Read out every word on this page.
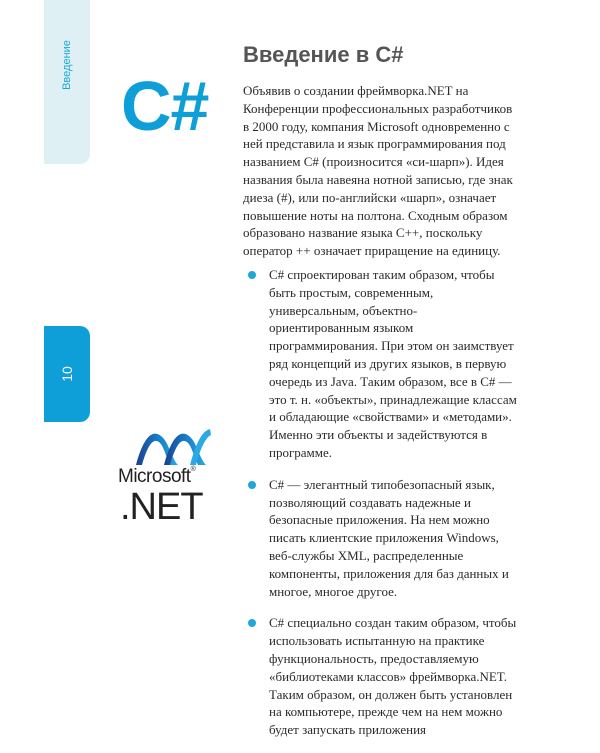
Введение
10
C#
Microsoft®
.NET
Введение в С#

Объявив о создании фреймворка.NET на Конференции профессиональных разработчиков в 2000 году, компания Microsoft одновременно с ней представила и язык программирования под названием С# (произносится «си-шарп»). Идея названия была навеяна нотной записью, где знак диеза (#), или по-английски «шарп», означает повышение ноты на полтона. Сходным образом образовано название языка С++, поскольку оператор ++ означает приращение на единицу.

С# спроектирован таким образом, чтобы быть простым, современным, универсальным, объектно-ориентированным языком программирования. При этом он заимствует ряд концепций из других языков, в первую очередь из Java. Таким образом, все в С# — это т. н. «объекты», принадлежащие классам и обладающие «свойствами» и «методами». Именно эти объекты и задействуются в программе.
С# — элегантный типобезопасный язык, позволяющий создавать надежные и безопасные приложения. На нем можно писать клиентские приложения Windows, веб-службы XML, распределенные компоненты, приложения для баз данных и многое, многое другое.
С# специально создан таким образом, чтобы использовать испытанную на практике функциональность, предоставляемую «библиотеками классов» фреймворка.NET. Таким образом, он должен быть установлен на компьютере, прежде чем на нем можно будет запускать приложения
